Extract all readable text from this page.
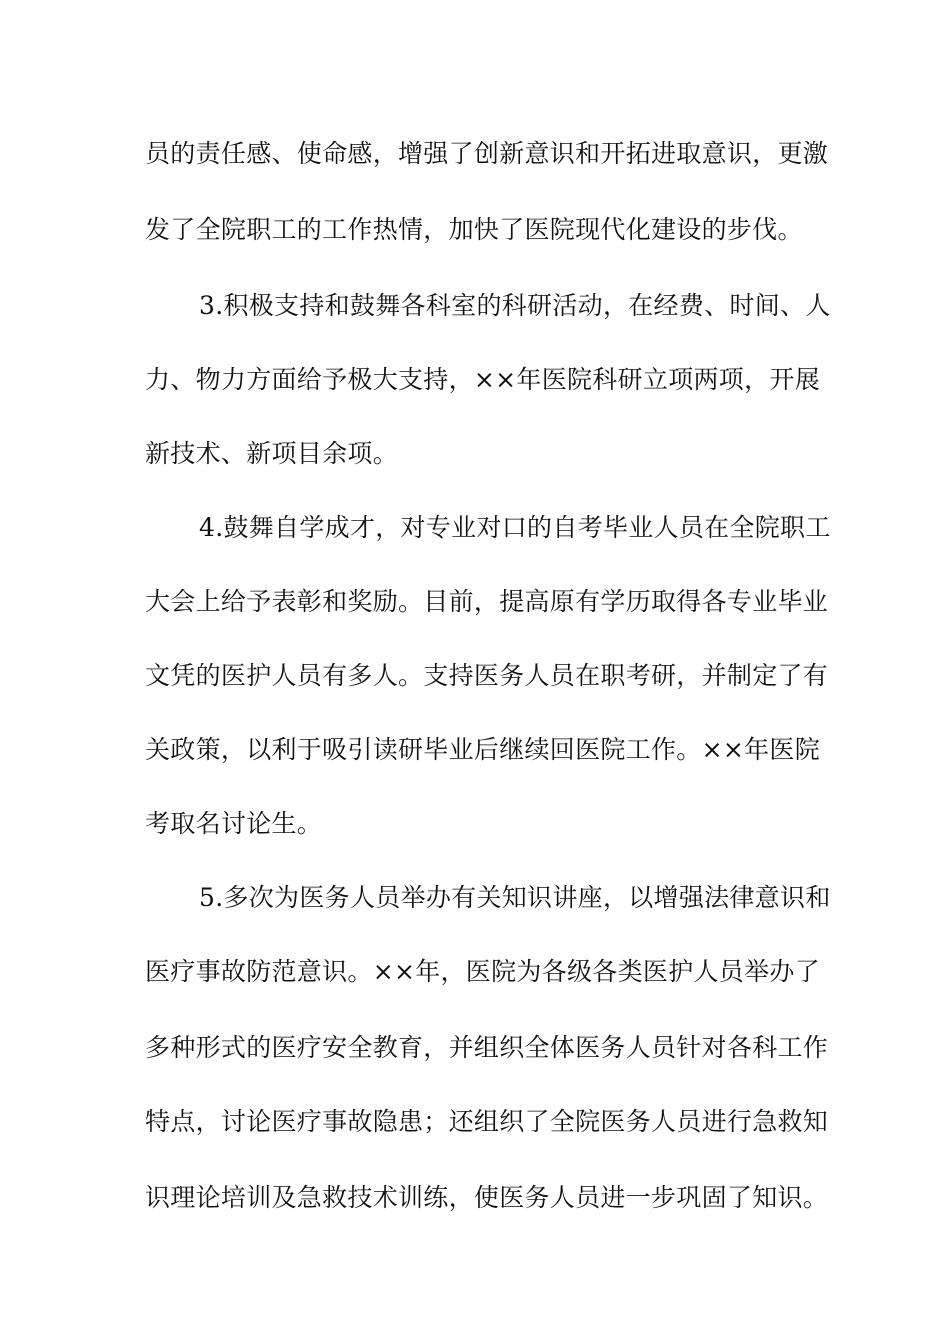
员的责任感、使命感，增强了创新意识和开拓进取意识，更激
发了全院职工的工作热情，加快了医院现代化建设的步伐。
3.积极支持和鼓舞各科室的科研活动，在经费、时间、人
力、物力方面给予极大支持，××年医院科研立项两项，开展
新技术、新项目余项。
4.鼓舞自学成才，对专业对口的自考毕业人员在全院职工
大会上给予表彰和奖励。目前，提高原有学历取得各专业毕业
文凭的医护人员有多人。支持医务人员在职考研，并制定了有
关政策，以利于吸引读研毕业后继续回医院工作。××年医院
考取名讨论生。
5.多次为医务人员举办有关知识讲座，以增强法律意识和
医疗事故防范意识。××年，医院为各级各类医护人员举办了
多种形式的医疗安全教育，并组织全体医务人员针对各科工作
特点，讨论医疗事故隐患；还组织了全院医务人员进行急救知
识理论培训及急救技术训练，使医务人员进一步巩固了知识。
